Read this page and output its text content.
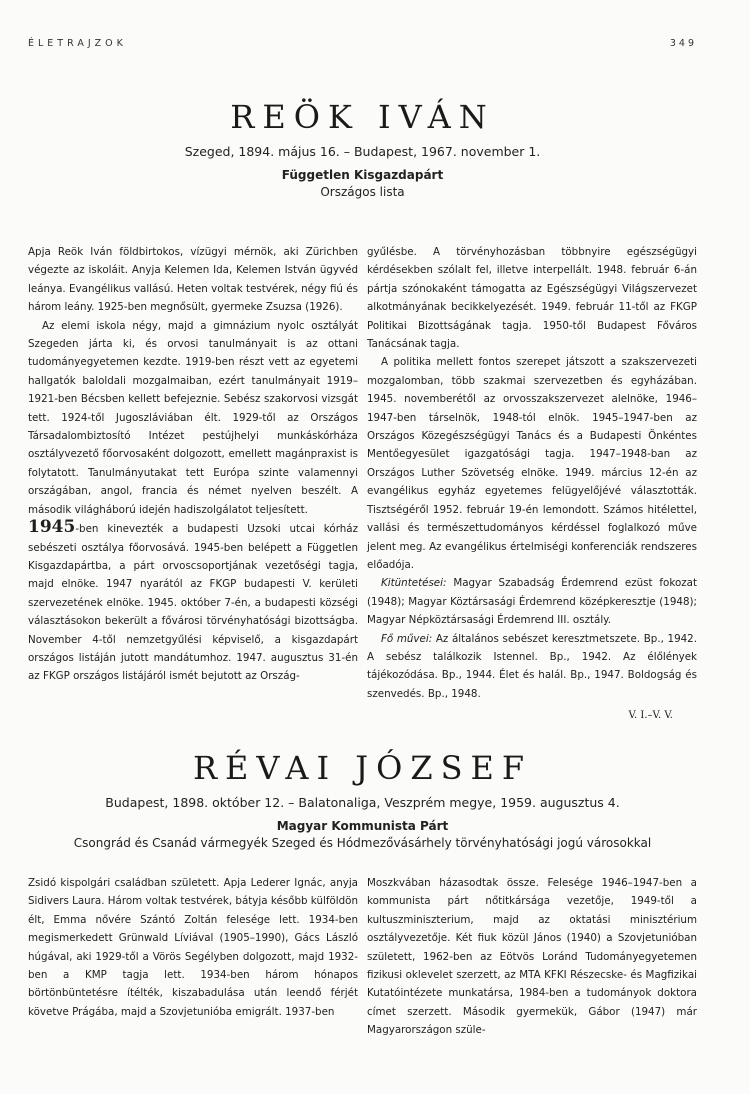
ÉLETRAJZOK	349
REÖK IVÁN
Szeged, 1894. május 16. – Budapest, 1967. november 1.
Független Kisgazdapárt
Országos lista

Apja Reök Iván földbirtokos, vízügyi mérnök, aki Zürichben végezte az iskoláit. Anyja Kelemen Ida, Kelemen István ügyvéd leánya. Evangélikus vallású. Heten voltak testvérek, négy fiú és három leány. 1925-ben megnősült, gyermeke Zsuzsa (1926).

Az elemi iskola négy, majd a gimnázium nyolc osztályát Szegeden járta ki, és orvosi tanulmányait is az ottani tudományegyetemen kezdte. 1919-ben részt vett az egyetemi hallgatók baloldali mozgalmaiban, ezért tanulmányait 1919–1921-ben Bécsben kellett befejeznie. Sebész szakorvosi vizsgát tett. 1924-től Jugoszláviában élt. 1929-től az Országos Társadalombiztosító Intézet pestújhelyi munkáskórháza osztályvezető főorvosaként dolgozott, emellett magánpraxist is folytatott. Tanulmányutakat tett Európa szinte valamennyi országában, angol, francia és német nyelven beszélt. A második világháború idején hadiszolgálatot teljesített.

1945-ben kinevezték a budapesti Uzsoki utcai kórház sebészeti osztálya főorvosává. 1945-ben belépett a Független Kisgazdapártba, a párt orvoscsoportjának vezetőségi tagja, majd elnöke. 1947 nyarától az FKGP budapesti V. kerületi szervezetének elnöke. 1945. október 7-én, a budapesti községi választásokon bekerült a fővárosi törvényhatósági bizottságba. November 4-től nemzetgyűlési képviselő, a kisgazdapárt országos listáján jutott mandátumhoz. 1947. augusztus 31-én az FKGP országos listájáról ismét bejutott az Ország-

gyűlésbe. A törvényhozásban többnyire egészségügyi kérdésekben szólalt fel, illetve interpellált. 1948. február 6-án pártja szónokaként támogatta az Egészségügyi Világszervezet alkotmányának becikkelyezését. 1949. február 11-től az FKGP Politikai Bizottságának tagja. 1950-től Budapest Főváros Tanácsának tagja.

A politika mellett fontos szerepet játszott a szakszervezeti mozgalomban, több szakmai szervezetben és egyházában. 1945. novemberétől az orvosszakszervezet alelnöke, 1946–1947-ben társelnök, 1948-tól elnök. 1945–1947-ben az Országos Közegészségügyi Tanács és a Budapesti Önkéntes Mentőegyesület igazgatósági tagja. 1947–1948-ban az Országos Luther Szövetség elnöke. 1949. március 12-én az evangélikus egyház egyetemes felügyelőjévé választották. Tisztségéről 1952. február 19-én lemondott. Számos hitélettel, vallási és természettudományos kérdéssel foglalkozó műve jelent meg. Az evangélikus értelmiségi konferenciák rendszeres előadója.

Kitüntetései: Magyar Szabadság Érdemrend ezüst fokozat (1948); Magyar Köztársasági Érdemrend középkeresztje (1948); Magyar Népköztársasági Érdemrend III. osztály.

Fő művei: Az általános sebészet keresztmetszete. Bp., 1942. A sebész találkozik Istennel. Bp., 1942. Az élőlények tájékozódása. Bp., 1944. Élet és halál. Bp., 1947. Boldogság és szenvedés. Bp., 1948.

V. I.–V. V.
RÉVAI JÓZSEF
Budapest, 1898. október 12. – Balatonaliga, Veszprém megye, 1959. augusztus 4.
Magyar Kommunista Párt
Csongrád és Csanád vármegyék Szeged és Hódmezővásárhely törvényhatósági jogú városokkal

Zsidó kispolgári családban született. Apja Lederer Ignác, anyja Sidivers Laura. Három voltak testvérek, bátyja később külföldön élt, Emma nővére Szántó Zoltán felesége lett. 1934-ben megismerkedett Grünwald Líviával (1905–1990), Gács László húgával, aki 1929-től a Vörös Segélyben dolgozott, majd 1932-ben a KMP tagja lett. 1934-ben három hónapos börtönbüntetésre ítélték, kiszabadulása után leendő férjét követve Prágába, majd a Szovjetunióba emigrált. 1937-ben

Moszkvában házasodtak össze. Felesége 1946–1947-ben a kommunista párt nőtitkársága vezetője, 1949-től a kultuszminiszterium, majd az oktatási minisztérium osztályvezetője. Két fiuk közül János (1940) a Szovjetunióban született, 1962-ben az Eötvös Loránd Tudományegyetemen fizikusi oklevelet szerzett, az MTA KFKI Részecske- és Magfizikai Kutatóintézete munkatársa, 1984-ben a tudományok doktora címet szerzett. Második gyermekük, Gábor (1947) már Magyarországon szüle-
